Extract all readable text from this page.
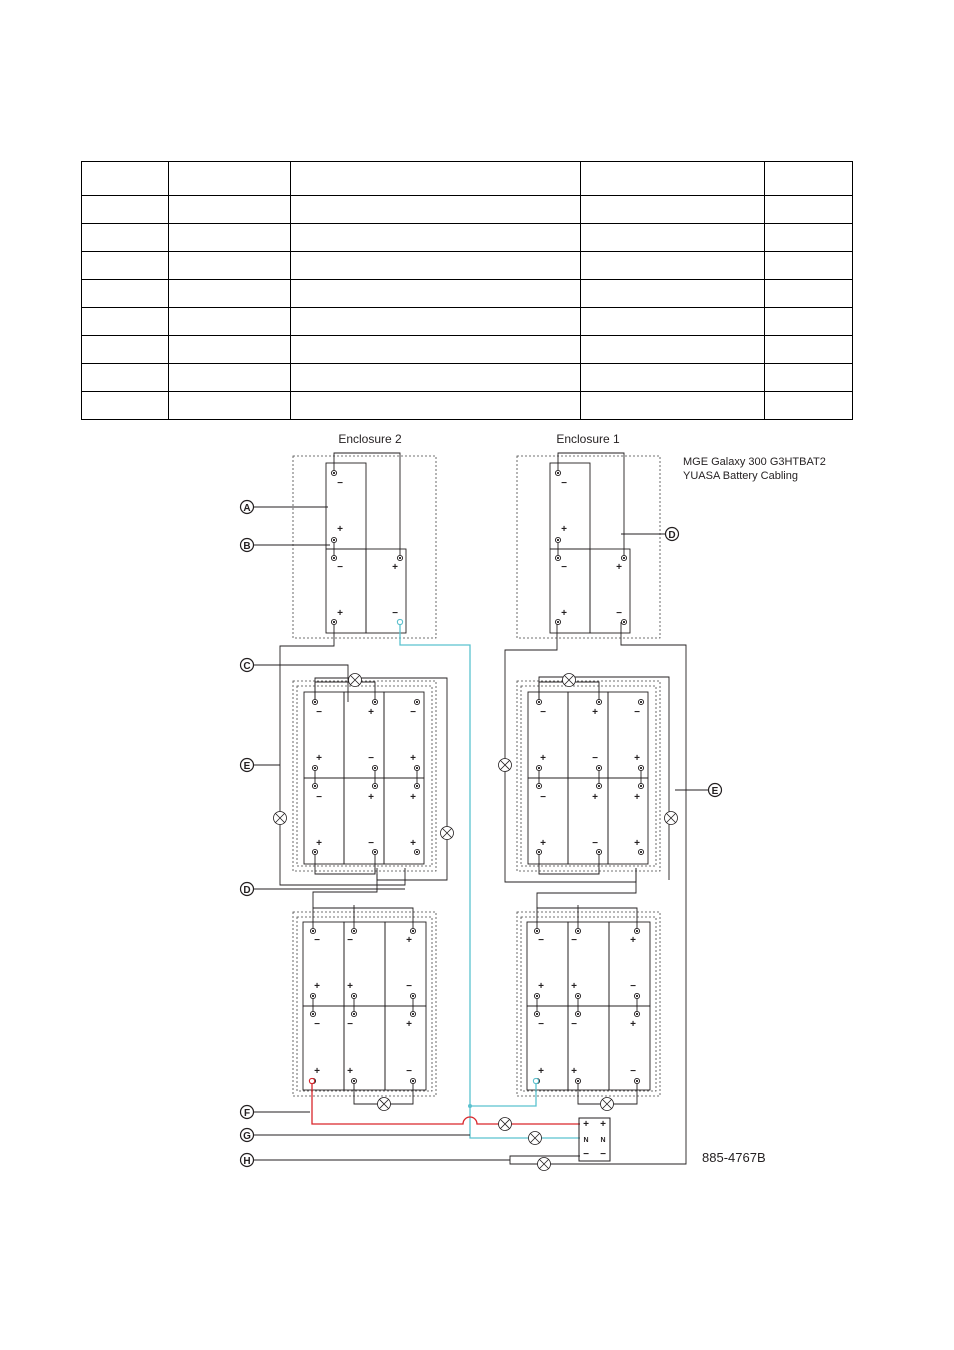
−
+
−	+
+	−
−
+
−	+
+	−
−
+
−
+
+
−
+
−
−
+
+
+
−
+
−
+
+
−
+
−
−
+
+
+
−
+
−
+
−
+
−
+
+
−
+
−
−
+
−
+
−
+
−
+
+
−
+
−
+ +
N N
− −
A
B
C
E
D
F
G
H
D
E
Enclosure 2	Enclosure 1
MGE Galaxy 300 G3HTBAT2
YUASA Battery Cabling
885-4767B
